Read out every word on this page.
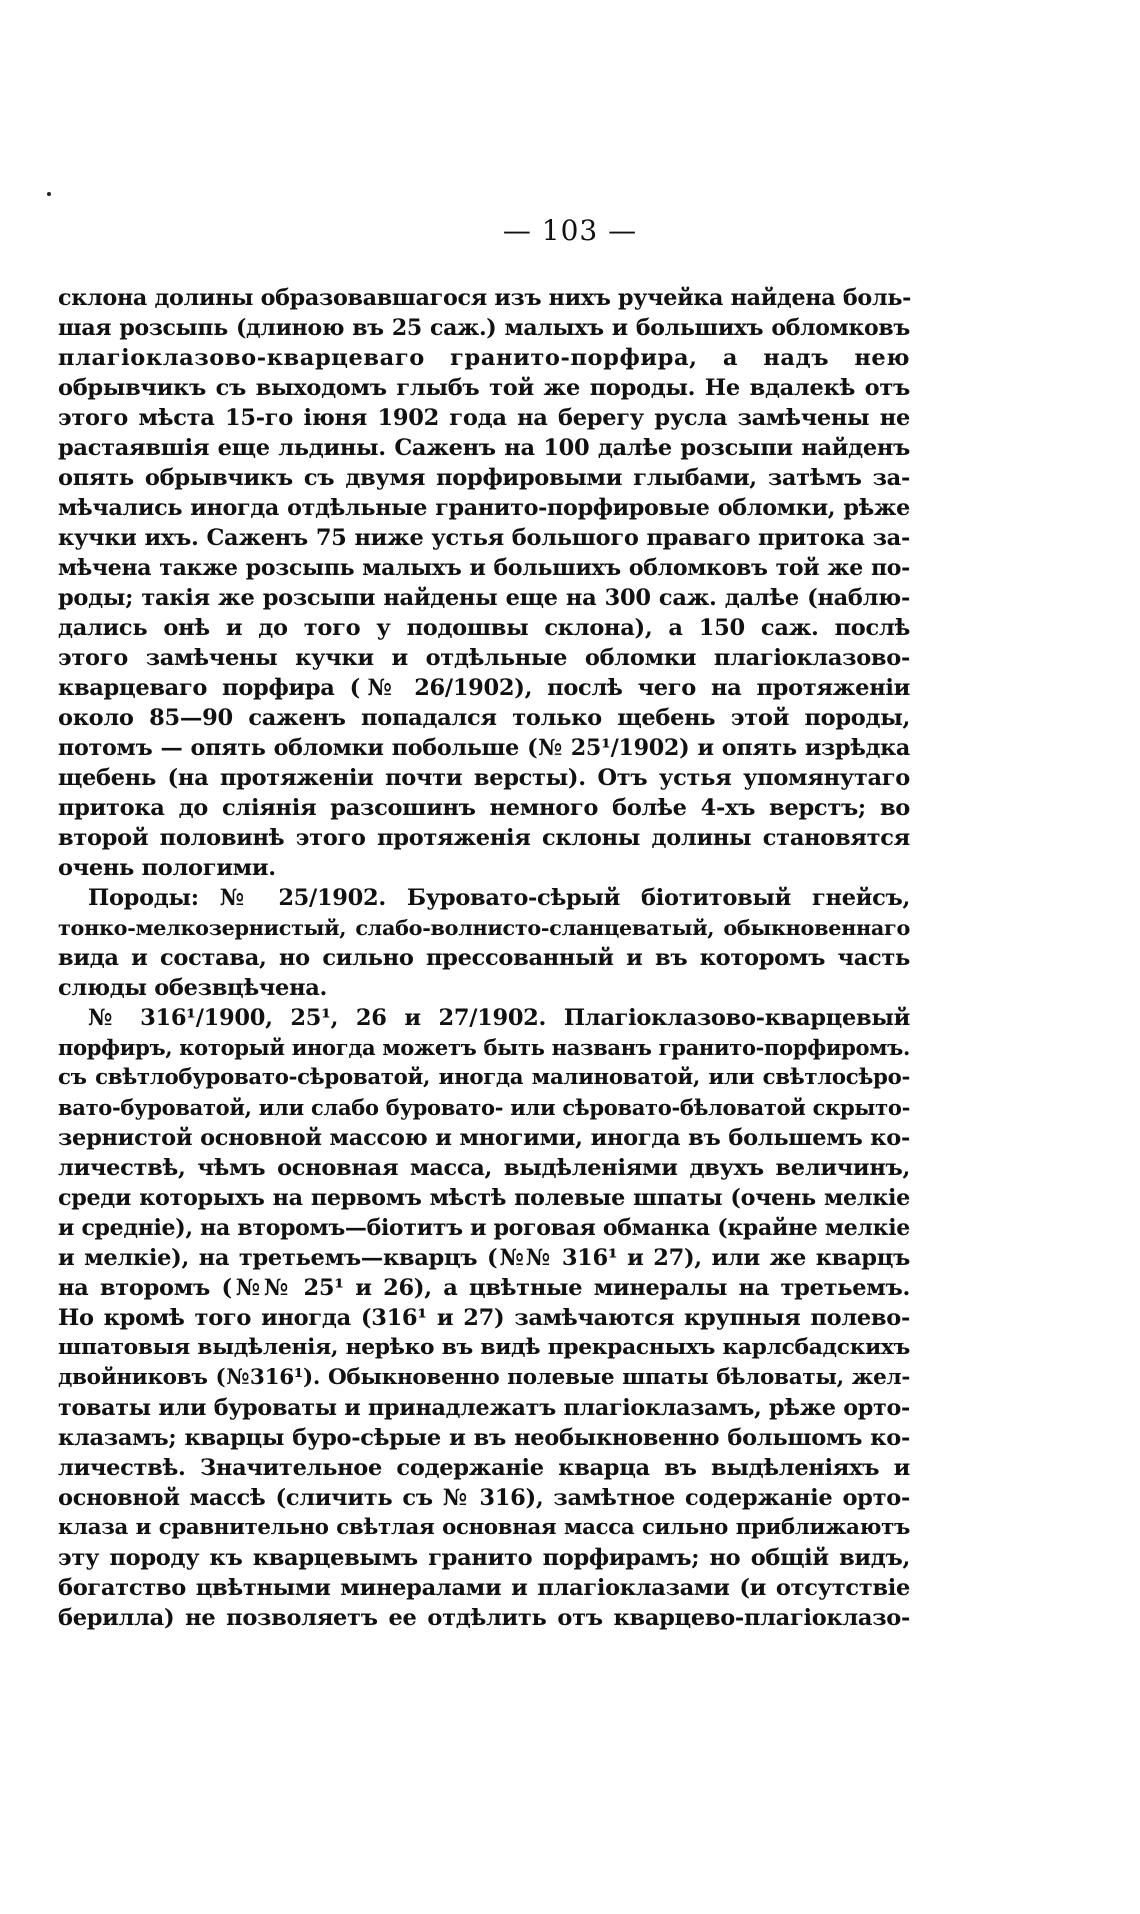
— 103 —
склона долины образовавшагося изъ нихъ ручейка найдена боль-
шая розсыпь (длиною въ 25 саж.) малыхъ и большихъ обломковъ
плагіоклазово-кварцеваго гранито-порфира, а надъ нею
обрывчикъ съ выходомъ глыбъ той же породы. Не вдалекѣ отъ
этого мѣста 15-го іюня 1902 года на берегу русла замѣчены не
растаявшія еще льдины. Саженъ на 100 далѣе розсыпи найденъ
опять обрывчикъ съ двумя порфировыми глыбами, затѣмъ за-
мѣчались иногда отдѣльные гранито-порфировые обломки, рѣже
кучки ихъ. Саженъ 75 ниже устья большого праваго притока за-
мѣчена также розсыпь малыхъ и большихъ обломковъ той же по-
роды; такія же розсыпи найдены еще на 300 саж. далѣе (наблю-
дались онѣ и до того у подошвы склона), а 150 саж. послѣ
этого замѣчены кучки и отдѣльные обломки плагіоклазово-
кварцеваго порфира (№ 26/1902), послѣ чего на протяженіи
около 85—90 саженъ попадался только щебень этой породы,
потомъ — опять обломки побольше (№ 25¹/1902) и опять изрѣдка
щебень (на протяженіи почти версты). Отъ устья упомянутаго
притока до слiянія разсошинъ немного болѣе 4-хъ верстъ; во
второй половинѣ этого протяженія склоны долины становятся
очень пологими.
Породы: № 25/1902. Буровато-сѣрый біотитовый гнейсъ,
тонко-мелкозернистый, слабо-волнисто-сланцеватый, обыкновеннаго
вида и состава, но сильно прессованный и въ которомъ часть
слюды обезвцѣчена.
№ 316¹/1900, 25¹, 26 и 27/1902. Плагіоклазово-кварцевый
порфиръ, который иногда можетъ быть названъ гранито-порфиромъ.
съ свѣтлобуровато-сѣроватой, иногда малиноватой, или свѣтлосѣро-
вато-буроватой, или слабо буровато- или сѣровато-бѣловатой скрыто-
зернистой основной массою и многими, иногда въ большемъ ко-
личествѣ, чѣмъ основная масса, выдѣленіями двухъ величинъ,
среди которыхъ на первомъ мѣстѣ полевые шпаты (очень мелкіе
и средніе), на второмъ—біотитъ и роговая обманка (крайне мелкіе
и мелкіе), на третьемъ—кварцъ (№№ 316¹ и 27), или же кварцъ
на второмъ (№№ 25¹ и 26), а цвѣтные минералы на третьемъ.
Но кромѣ того иногда (316¹ и 27) замѣчаются крупныя полево-
шпатовыя выдѣленія, нерѣко въ видѣ прекрасныхъ карлсбадскихъ
двойниковъ (№316¹). Обыкновенно полевые шпаты бѣловаты, жел-
товаты или буроваты и принадлежатъ плагіоклазамъ, рѣже орто-
клазамъ; кварцы буро-сѣрые и въ необыкновенно большомъ ко-
личествѣ. Значительное содержаніе кварца въ выдѣленіяхъ и
основной массѣ (сличить съ № 316), замѣтное содержаніе орто-
клаза и сравнительно свѣтлая основная масса сильно приближаютъ
эту породу къ кварцевымъ гранито порфирамъ; но общій видъ,
богатство цвѣтными минералами и плагіоклазами (и отсутствіе
берилла) не позволяетъ ее отдѣлить отъ кварцево-плагіоклазо-
